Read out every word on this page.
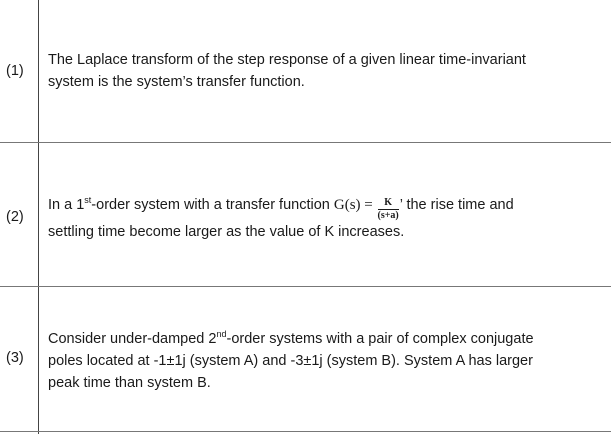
(1)
The Laplace transform of the step response of a given linear time-invariant
system is the system’s transfer function.
(2)
In a 1st-order system with a transfer function $G(s) = \frac{K}{(s+a)}$ ’ the rise time and
settling time become larger as the value of K increases.
(3)
Consider under-damped 2nd-order systems with a pair of complex conjugate
poles located at -1±1j (system A) and -3±1j (system B). System A has larger
peak time than system B.
